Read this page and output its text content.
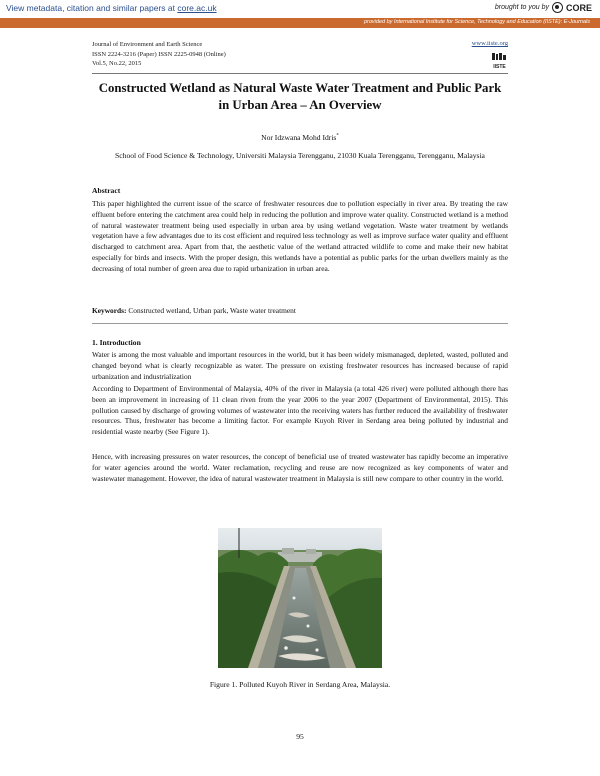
View metadata, citation and similar papers at core.ac.uk	brought to you by CORE
provided by International Institute for Science, Technology and Education (IISTE): E-Journals
Journal of Environment and Earth Science
ISSN 2224-3216 (Paper) ISSN 2225-0948 (Online)
Vol.5, No.22, 2015
www.iiste.org
IISTE
Constructed Wetland as Natural Waste Water Treatment and Public Park in Urban Area – An Overview
Nor Idzwana Mohd Idris*
School of Food Science & Technology, Universiti Malaysia Terengganu, 21030 Kuala Terengganu, Terengganu, Malaysia
Abstract

This paper highlighted the current issue of the scarce of freshwater resources due to pollution especially in river area. By treating the raw effluent before entering the catchment area could help in reducing the pollution and improve water quality. Constructed wetland is a method of natural wastewater treatment being used especially in urban area by using wetland vegetation. Waste water treatment by wetlands vegetation have a few advantages due to its cost efficient and required less technology as well as improve surface water quality and effluent discharged to catchment area. Apart from that, the aesthetic value of the wetland attracted wildlife to come and make their new habitat especially for birds and insects. With the proper design, this wetlands have a potential as public parks for the urban dwellers mainly as the decreasing of total number of green area due to rapid urbanization in urban area.

Keywords: Constructed wetland, Urban park, Waste water treatment
1. Introduction

Water is among the most valuable and important resources in the world, but it has been widely mismanaged, depleted, wasted, polluted and changed beyond what is clearly recognizable as water. The pressure on existing freshwater resources has increased because of rapid urbanization and industrialization

According to Department of Environmental of Malaysia, 40% of the river in Malaysia (a total 426 river) were polluted although there has been an improvement in increasing of 11 clean riven from the year 2006 to the year 2007 (Department of Environmental, 2015). This pollution caused by discharge of growing volumes of wastewater into the receiving waters has further reduced the availability of freshwater resources. Thus, freshwater has become a limiting factor. For example Kuyoh River in Serdang area being polluted by industrial and residential waste nearby (See Figure 1).

Hence, with increasing pressures on water resources, the concept of beneficial use of treated wastewater has rapidly become an imperative for water agencies around the world. Water reclamation, recycling and reuse are now recognized as key components of water and wastewater management. However, the idea of natural wastewater treatment in Malaysia is still new compare to other country in the world.

Figure 1. Polluted Kuyoh River in Serdang Area, Malaysia.
95
